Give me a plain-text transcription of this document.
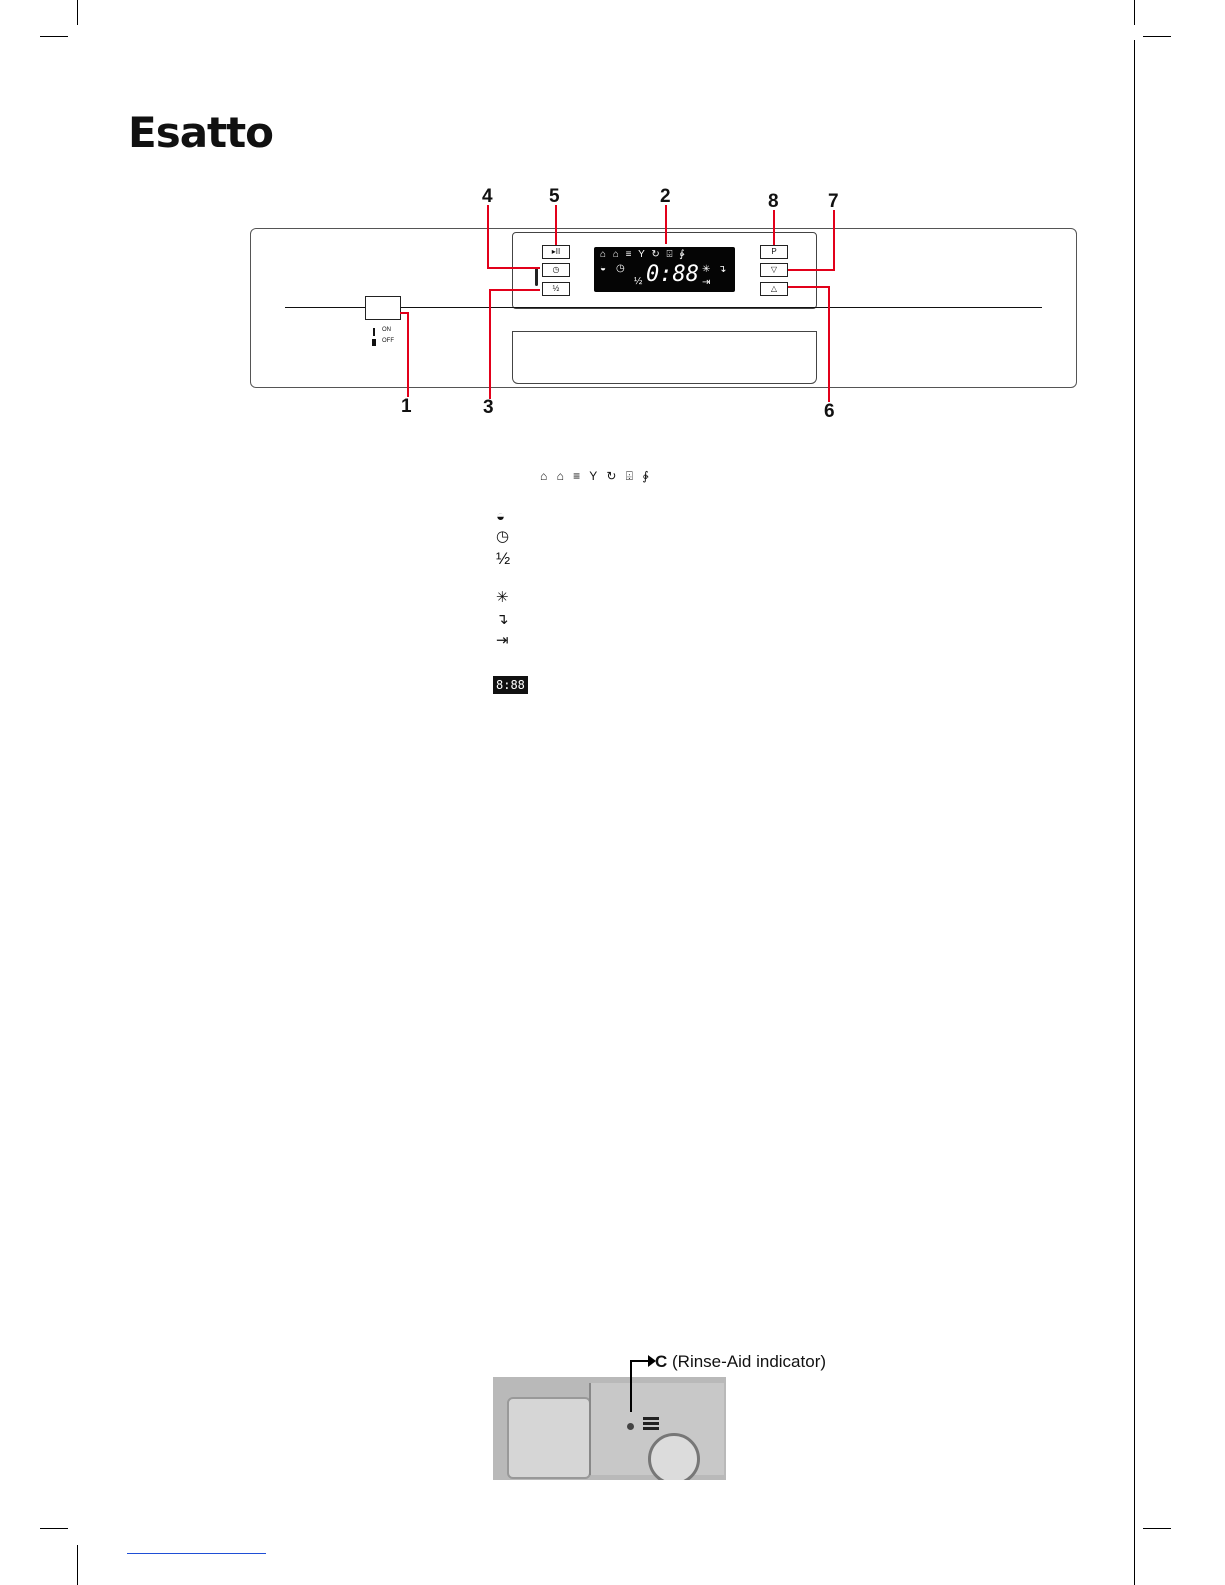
Esatto
4	5	2	8	7
1	3	6
ON
OFF
▸II
◷
½
P
▽
△
⌂ ⌂ ≡ Υ ↻ ⌹ ∳
0:88
◒ ◷
½
✳ ↴
⇥
⌂ ⌂ ≡ Υ ↻ ⌹ ∳
◒
◷
½
✳
↴
⇥
8:88
C (Rinse-Aid indicator)
